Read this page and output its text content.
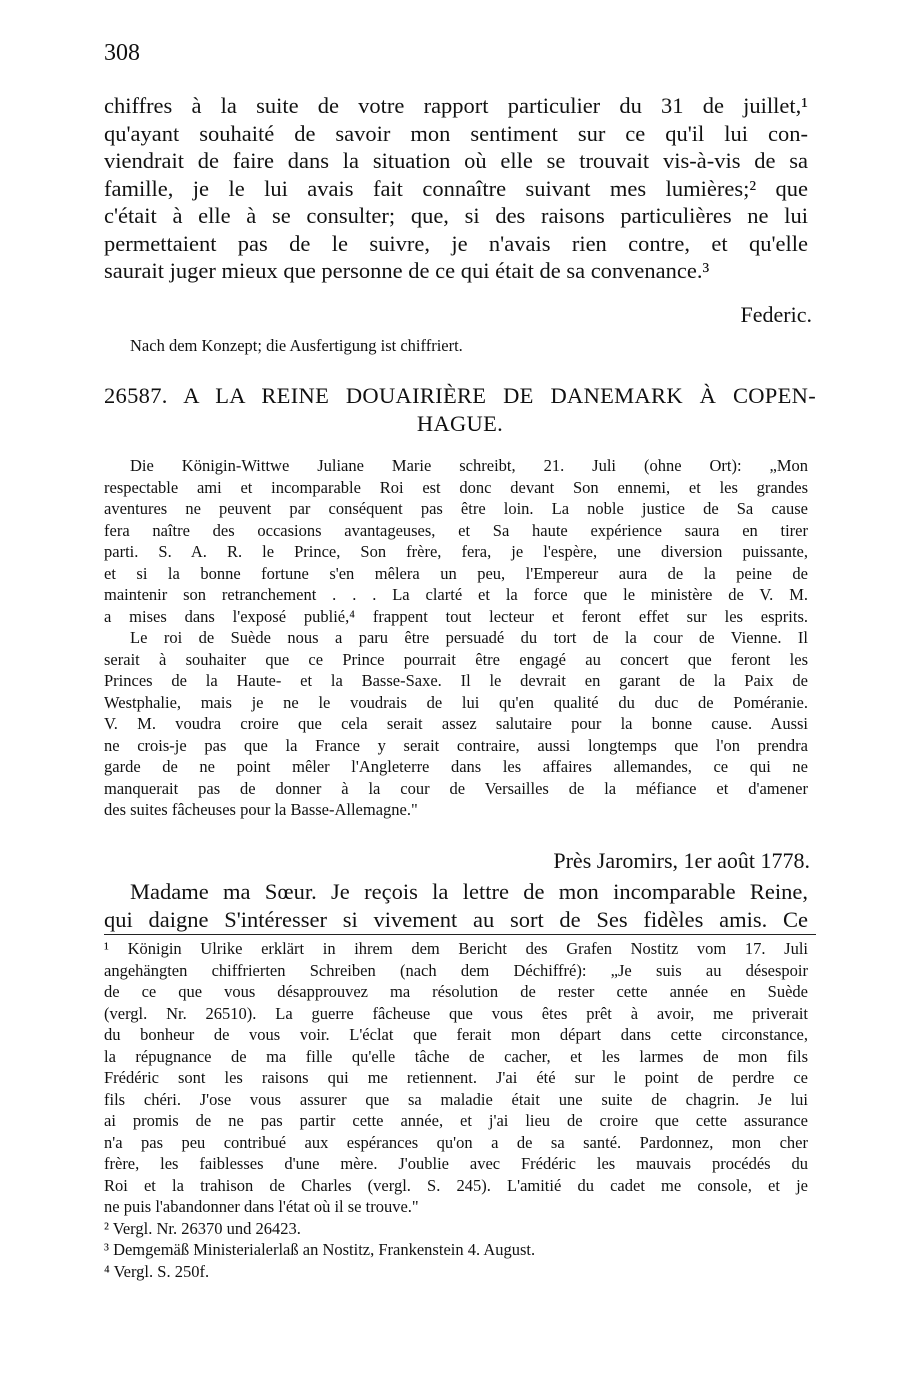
308
chiffres à la suite de votre rapport particulier du 31 de juillet,¹
qu'ayant souhaité de savoir mon sentiment sur ce qu'il lui con-
viendrait de faire dans la situation où elle se trouvait vis-à-vis de sa
famille, je le lui avais fait connaître suivant mes lumières;² que
c'était à elle à se consulter; que, si des raisons particulières ne lui
permettaient pas de le suivre, je n'avais rien contre, et qu'elle
saurait juger mieux que personne de ce qui était de sa convenance.³
Federic.
Nach dem Konzept; die Ausfertigung ist chiffriert.
26587. A LA REINE DOUAIRIÈRE DE DANEMARK À COPEN-
HAGUE.
Die Königin-Wittwe Juliane Marie schreibt, 21. Juli (ohne Ort): „Mon
respectable ami et incomparable Roi est donc devant Son ennemi, et les grandes
aventures ne peuvent par conséquent pas être loin. La noble justice de Sa cause
fera naître des occasions avantageuses, et Sa haute expérience saura en tirer
parti. S. A. R. le Prince, Son frère, fera, je l'espère, une diversion puissante,
et si la bonne fortune s'en mêlera un peu, l'Empereur aura de la peine de
maintenir son retranchement . . . La clarté et la force que le ministère de V. M.
a mises dans l'exposé publié,⁴ frappent tout lecteur et feront effet sur les esprits.
Le roi de Suède nous a paru être persuadé du tort de la cour de Vienne. Il
serait à souhaiter que ce Prince pourrait être engagé au concert que feront les
Princes de la Haute- et la Basse-Saxe. Il le devrait en garant de la Paix de
Westphalie, mais je ne le voudrais de lui qu'en qualité du duc de Poméranie.
V. M. voudra croire que cela serait assez salutaire pour la bonne cause. Aussi
ne crois-je pas que la France y serait contraire, aussi longtemps que l'on prendra
garde de ne point mêler l'Angleterre dans les affaires allemandes, ce qui ne
manquerait pas de donner à la cour de Versailles de la méfiance et d'amener
des suites fâcheuses pour la Basse-Allemagne."
Près Jaromirs, 1er août 1778.
Madame ma Sœur. Je reçois la lettre de mon incomparable Reine,
qui daigne S'intéresser si vivement au sort de Ses fidèles amis. Ce
¹ Königin Ulrike erklärt in ihrem dem Bericht des Grafen Nostitz vom 17. Juli
angehängten chiffrierten Schreiben (nach dem Déchiffré): „Je suis au désespoir
de ce que vous désapprouvez ma résolution de rester cette année en Suède
(vergl. Nr. 26510). La guerre fâcheuse que vous êtes prêt à avoir, me priverait
du bonheur de vous voir. L'éclat que ferait mon départ dans cette circonstance,
la répugnance de ma fille qu'elle tâche de cacher, et les larmes de mon fils
Frédéric sont les raisons qui me retiennent. J'ai été sur le point de perdre ce
fils chéri. J'ose vous assurer que sa maladie était une suite de chagrin. Je lui
ai promis de ne pas partir cette année, et j'ai lieu de croire que cette assurance
n'a pas peu contribué aux espérances qu'on a de sa santé. Pardonnez, mon cher
frère, les faiblesses d'une mère. J'oublie avec Frédéric les mauvais procédés du
Roi et la trahison de Charles (vergl. S. 245). L'amitié du cadet me console, et je
ne puis l'abandonner dans l'état où il se trouve."
² Vergl. Nr. 26370 und 26423.
³ Demgemäß Ministerialerlaß an Nostitz, Frankenstein 4. August.
⁴ Vergl. S. 250f.
